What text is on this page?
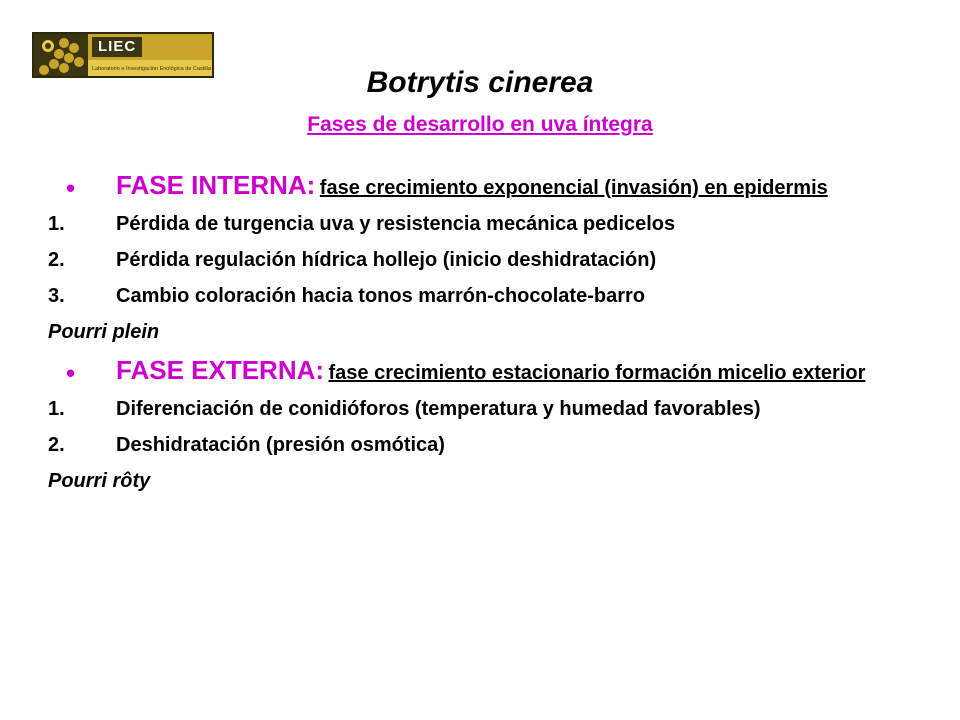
LIEC
Laboratorio e Investigación Enológica de Castilla	Botrytis cinerea
Fases de desarrollo en uva íntegra
•	FASE INTERNA: fase crecimiento exponencial (invasión) en epidermis
1.	Pérdida de turgencia uva y resistencia mecánica pedicelos
2.	Pérdida regulación hídrica hollejo (inicio deshidratación)
3.	Cambio coloración hacia tonos marrón-chocolate-barro
Pourri plein
•	FASE EXTERNA: fase crecimiento estacionario formación micelio exterior
1.	Diferenciación de conidióforos (temperatura y humedad favorables)
2.	Deshidratación (presión osmótica)
Pourri rôty
